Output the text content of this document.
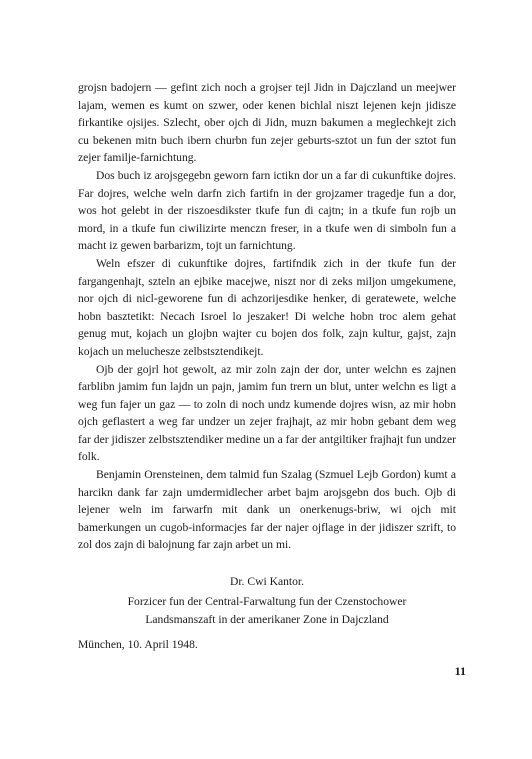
grojsn badojern — gefint zich noch a grojser tejl Jidn in Dajczland un meejwer lajam, wemen es kumt on szwer, oder kenen bichlal niszt lejenen kejn jidisze firkantike ojsijes. Szlecht, ober ojch di Jidn, muzn bakumen a meglechkejt zich cu bekenen mitn buch ibern churbn fun zejer geburts-sztot un fun der sztot fun zejer familje-farnichtung.

Dos buch iz arojsgegebn geworn farn ictikn dor un a far di cukunftike dojres. Far dojres, welche weln darfn zich fartifn in der grojzamer tragedje fun a dor, wos hot gelebt in der riszoesdikster tkufe fun di cajtn; in a tkufe fun rojb un mord, in a tkufe fun ciwilizirte menczn freser, in a tkufe wen di simboln fun a macht iz gewen barbarizm, tojt un farnichtung.

Weln efszer di cukunftike dojres, fartifndik zich in der tkufe fun der fargangenhajt, szteln an ejbike macejwe, niszt nor di zeks miljon umgekumene, nor ojch di nicl-geworene fun di achzorijesdike henker, di geratewete, welche hobn basztetikt: Necach Isroel lo jeszaker! Di welche hobn troc alem gehat genug mut, kojach un glojbn wajter cu bojen dos folk, zajn kultur, gajst, zajn kojach un meluchesze zelbstsztendikejt.

Ojb der gojrl hot gewolt, az mir zoln zajn der dor, unter welchn es zajnen farblibn jamim fun lajdn un pajn, jamim fun trern un blut, unter welchn es ligt a weg fun fajer un gaz — to zoln di noch undz kumende dojres wisn, az mir hobn ojch geflastert a weg far undzer un zejer frajhajt, az mir hobn gebant dem weg far der jidiszer zelbstsztendiker medine un a far der antgiltiker frajhajt fun undzer folk.

Benjamin Orensteinen, dem talmid fun Szalag (Szmuel Lejb Gordon) kumt a harcikn dank far zajn umdermidlecher arbet bajm arojsgebn dos buch. Ojb di lejener weln im farwarfn mit dank un onerkenugs-briw, wi ojch mit bamerkungen un cugob-informacjes far der najer ojflage in der jidiszer szrift, to zol dos zajn di balojnung far zajn arbet un mi.

Dr. Cwi Kantor.
Forzicer fun der Central-Farwaltung fun der Czenstochower
Landsmanszaft in der amerikaner Zone in Dajczland
München, 10. April 1948.
11
